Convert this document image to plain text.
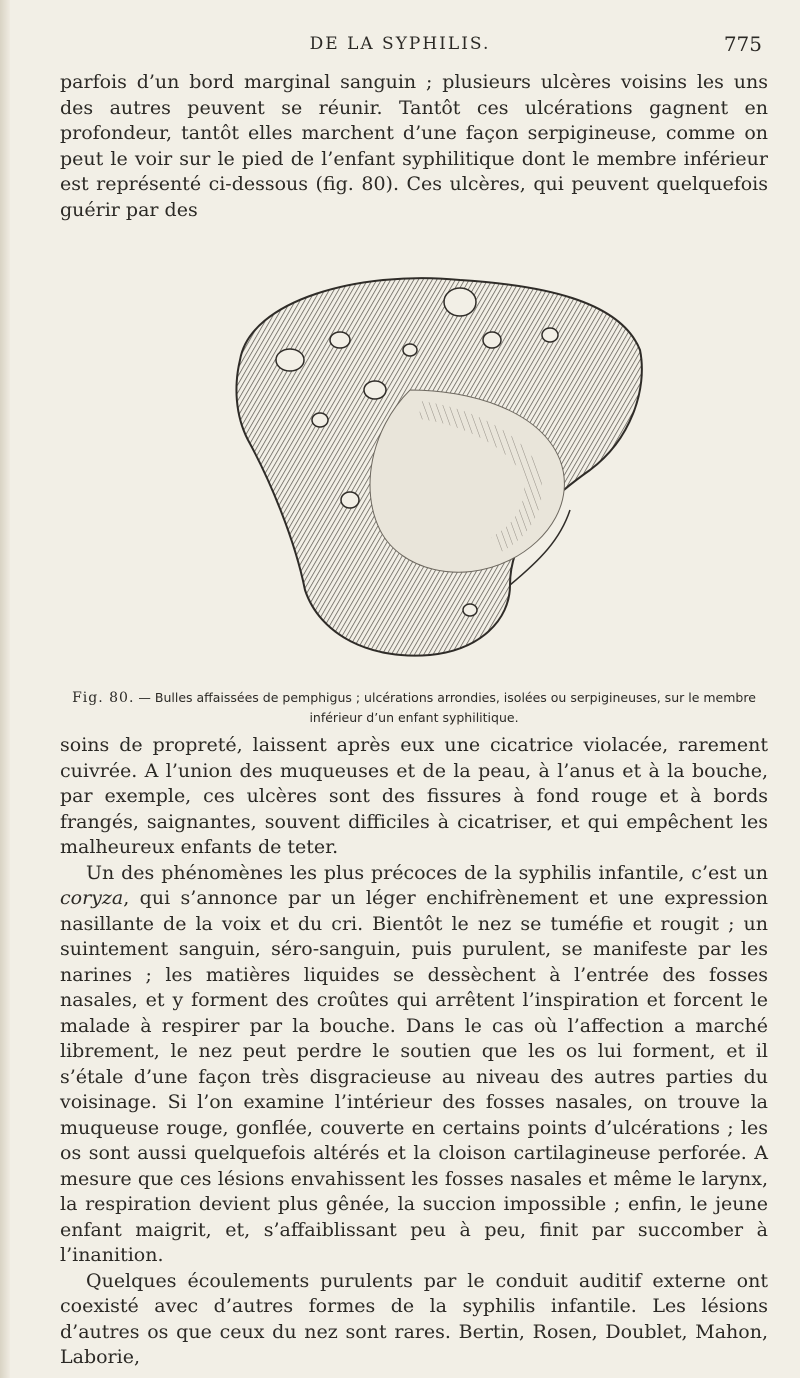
DE LA SYPHILIS.	775

parfois d’un bord marginal sanguin ; plusieurs ulcères voisins les uns des autres peuvent se réunir. Tantôt ces ulcérations gagnent en profondeur, tantôt elles marchent d’une façon serpigineuse, comme on peut le voir sur le pied de l’enfant syphilitique dont le membre inférieur est représenté ci-dessous (fig. 80). Ces ulcères, qui peuvent quelquefois guérir par des

Fig. 80. — Bulles affaissées de pemphigus ; ulcérations arrondies, isolées ou serpigineuses, sur le membre inférieur d’un enfant syphilitique.

soins de propreté, laissent après eux une cicatrice violacée, rarement cuivrée. A l’union des muqueuses et de la peau, à l’anus et à la bouche, par exemple, ces ulcères sont des fissures à fond rouge et à bords frangés, saignantes, souvent difficiles à cicatriser, et qui empêchent les malheureux enfants de teter.

Un des phénomènes les plus précoces de la syphilis infantile, c’est un coryza, qui s’annonce par un léger enchifrènement et une expression nasillante de la voix et du cri. Bientôt le nez se tuméfie et rougit ; un suintement sanguin, séro-sanguin, puis purulent, se manifeste par les narines ; les matières liquides se dessèchent à l’entrée des fosses nasales, et y forment des croûtes qui arrêtent l’inspiration et forcent le malade à respirer par la bouche. Dans le cas où l’affection a marché librement, le nez peut perdre le soutien que les os lui forment, et il s’étale d’une façon très disgracieuse au niveau des autres parties du voisinage. Si l’on examine l’intérieur des fosses nasales, on trouve la muqueuse rouge, gonflée, couverte en certains points d’ulcérations ; les os sont aussi quelquefois altérés et la cloison cartilagineuse perforée. A mesure que ces lésions envahissent les fosses nasales et même le larynx, la respiration devient plus gênée, la succion impossible ; enfin, le jeune enfant maigrit, et, s’affaiblissant peu à peu, finit par succomber à l’inanition.

Quelques écoulements purulents par le conduit auditif externe ont coexisté avec d’autres formes de la syphilis infantile. Les lésions d’autres os que ceux du nez sont rares. Bertin, Rosen, Doublet, Mahon, Laborie,
